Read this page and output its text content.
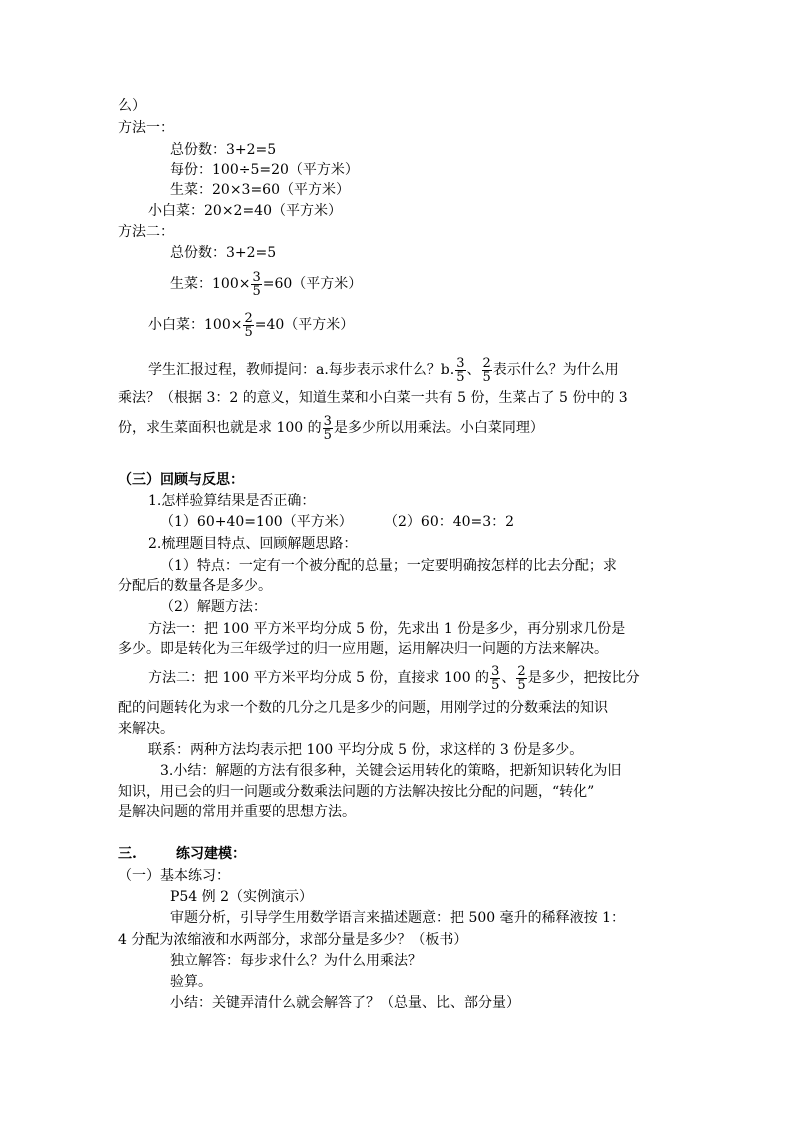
么）
方法一：
总份数：3+2=5
每份：100÷5=20（平方米）
生菜：20×3=60（平方米）
小白菜：20×2=40（平方米）
方法二：
总份数：3+2=5
生菜：$100\times \frac{3}{5} =60$（平方米）
小白菜：$100\times \frac{2}{5} =40$（平方米）
学生汇报过程，教师提问：a.每步表示求什么？b. $\frac{3}{5}$ 、 $\frac{2}{5}$ 表示什么？为什么用
乘法？（根据 3：2 的意义，知道生菜和小白菜一共有 5 份，生菜占了 5 份中的 3
份，求生菜面积也就是求 100 的 $\frac{3}{5}$ 是多少所以用乘法。小白菜同理）
（三）回顾与反思：
1.怎样验算结果是否正确：
（1）60+40=100（平方米） （2）60：40=3：2
2.梳理题目特点、回顾解题思路：
（1）特点：一定有一个被分配的总量；一定要明确按怎样的比去分配；求
分配后的数量各是多少。
（2）解题方法：
方法一：把 100 平方米平均分成 5 份，先求出 1 份是多少，再分别求几份是
多少。即是转化为三年级学过的归一应用题，运用解决归一问题的方法来解决。
方法二：把 100 平方米平均分成 5 份，直接求 100 的 $\frac{3}{5}$ 、 $\frac{2}{5}$ 是多少，把按比分
配的问题转化为求一个数的几分之几是多少的问题，用刚学过的分数乘法的知识
来解决。
联系：两种方法均表示把 100 平均分成 5 份，求这样的 3 份是多少。
3.小结：解题的方法有很多种，关键会运用转化的策略，把新知识转化为旧
知识，用已会的归一问题或分数乘法问题的方法解决按比分配的问题，“转化”
是解决问题的常用并重要的思想方法。
三.	练习建模：
（一）基本练习：
P54 例 2（实例演示）
审题分析，引导学生用数学语言来描述题意：把 500 毫升的稀释液按 1：
4 分配为浓缩液和水两部分，求部分量是多少？（板书）
独立解答：每步求什么？为什么用乘法？
验算。
小结：关键弄清什么就会解答了？（总量、比、部分量）
